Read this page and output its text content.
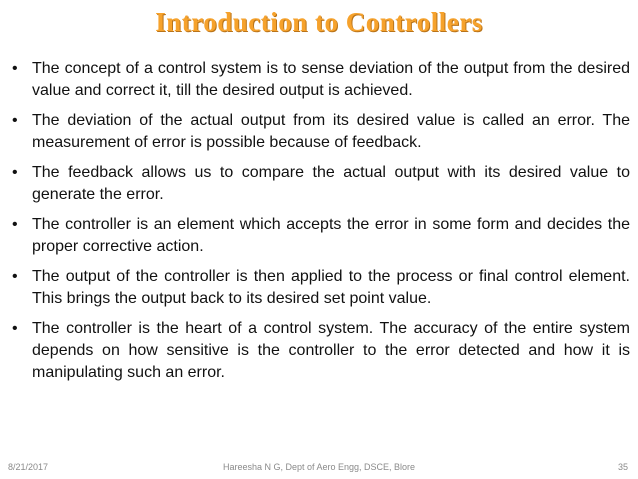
Introduction to Controllers
• The concept of a control system is to sense deviation of the output from the desired value and correct it, till the desired output is achieved.
• The deviation of the actual output from its desired value is called an error. The measurement of error is possible because of feedback.
• The feedback allows us to compare the actual output with its desired value to generate the error.
• The controller is an element which accepts the error in some form and decides the proper corrective action.
• The output of the controller is then applied to the process or final control element. This brings the output back to its desired set point value.
• The controller is the heart of a control system. The accuracy of the entire system depends on how sensitive is the controller to the error detected and how it is manipulating such an error.
8/21/2017	Hareesha N G, Dept of Aero Engg, DSCE, Blore	35
